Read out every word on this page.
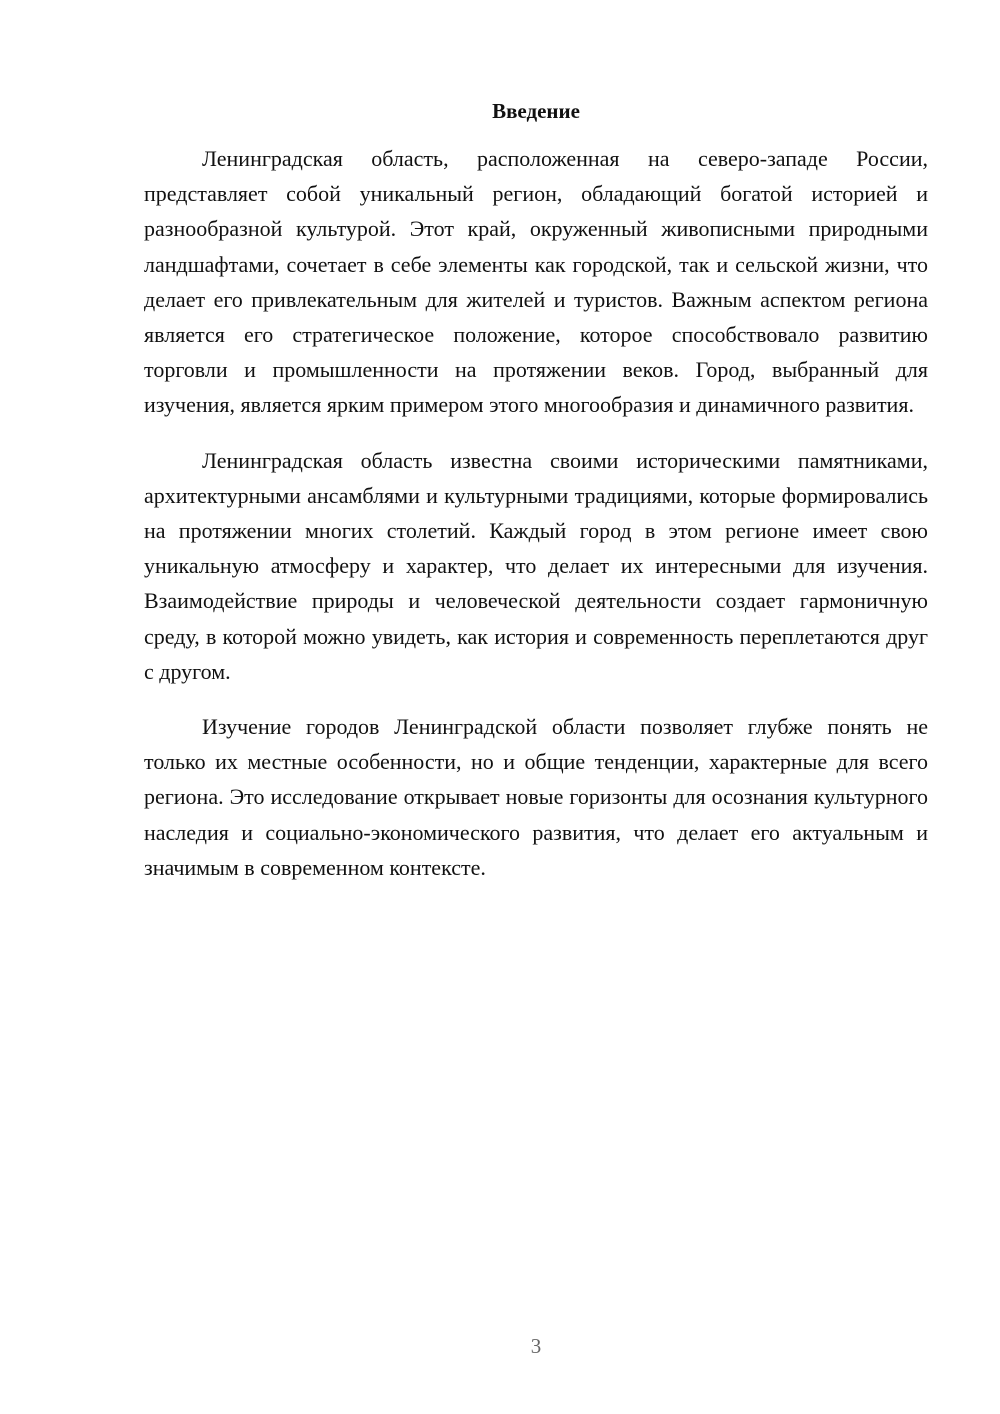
Введение

Ленинградская область, расположенная на северо-западе России, представляет собой уникальный регион, обладающий богатой историей и разнообразной культурой. Этот край, окруженный живописными природными ландшафтами, сочетает в себе элементы как городской, так и сельской жизни, что делает его привлекательным для жителей и туристов. Важным аспектом региона является его стратегическое положение, которое способствовало развитию торговли и промышленности на протяжении веков. Город, выбранный для изучения, является ярким примером этого многообразия и динамичного развития.

Ленинградская область известна своими историческими памятниками, архитектурными ансамблями и культурными традициями, которые формировались на протяжении многих столетий. Каждый город в этом регионе имеет свою уникальную атмосферу и характер, что делает их интересными для изучения. Взаимодействие природы и человеческой деятельности создает гармоничную среду, в которой можно увидеть, как история и современность переплетаются друг с другом.

Изучение городов Ленинградской области позволяет глубже понять не только их местные особенности, но и общие тенденции, характерные для всего региона. Это исследование открывает новые горизонты для осознания культурного наследия и социально-экономического развития, что делает его актуальным и значимым в современном контексте.

3
